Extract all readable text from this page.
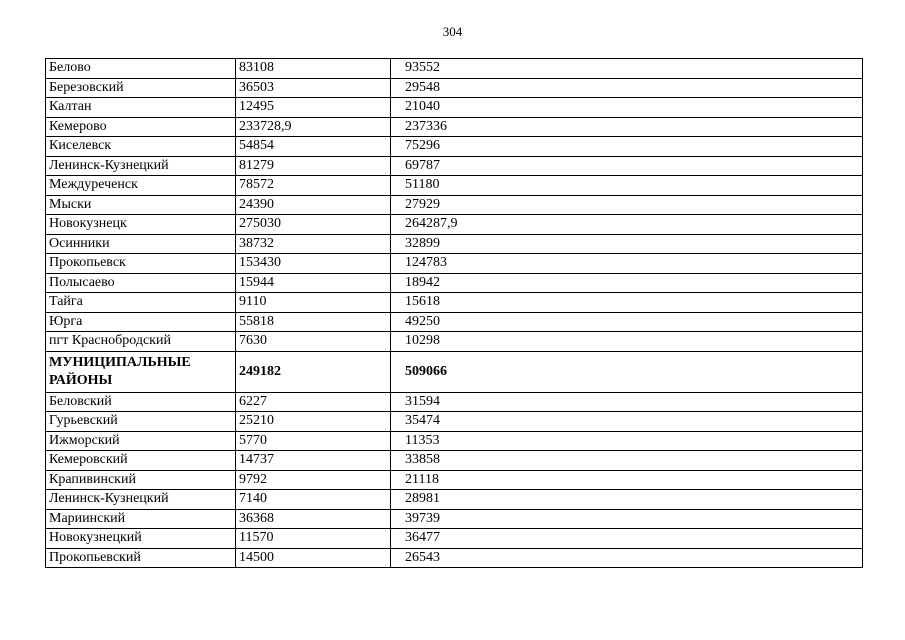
304
Белово	83108	93552
Березовский	36503	29548
Калтан	12495	21040
Кемерово	233728,9	237336
Киселевск	54854	75296
Ленинск-Кузнецкий	81279	69787
Междуреченск	78572	51180
Мыски	24390	27929
Новокузнецк	275030	264287,9
Осинники	38732	32899
Прокопьевск	153430	124783
Полысаево	15944	18942
Тайга	9110	15618
Юрга	55818	49250
пгт Краснобродский	7630	10298
МУНИЦИПАЛЬНЫЕ РАЙОНЫ	249182	509066
Беловский	6227	31594
Гурьевский	25210	35474
Ижморский	5770	11353
Кемеровский	14737	33858
Крапивинский	9792	21118
Ленинск-Кузнецкий	7140	28981
Мариинский	36368	39739
Новокузнецкий	11570	36477
Прокопьевский	14500	26543
